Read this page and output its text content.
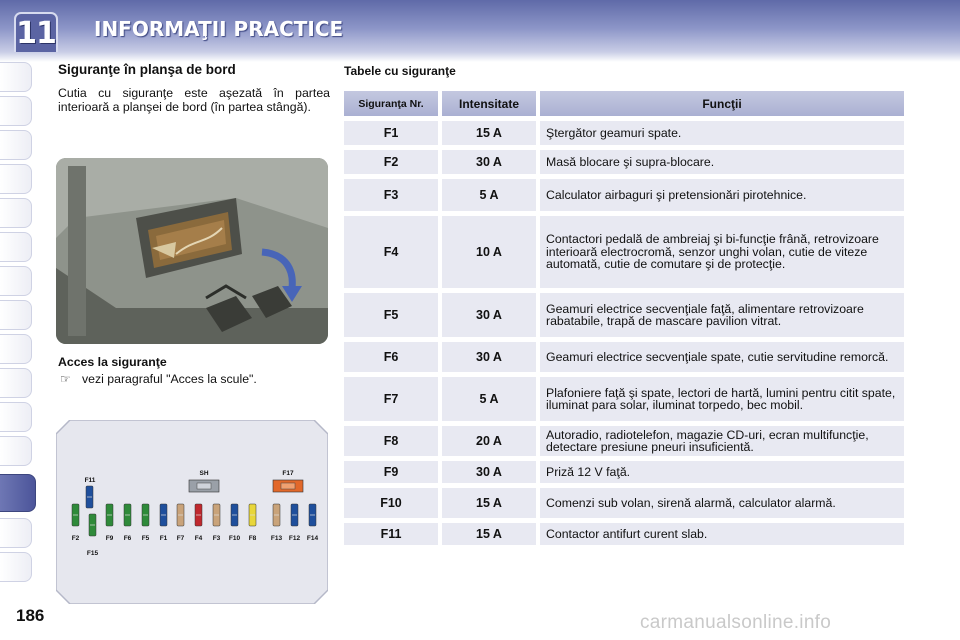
11 INFORMAŢII PRACTICE
Siguranţe în planşa de bord
Cutia cu siguranţe este aşezată în partea interioară a planşei de bord (în partea stângă).
Acces la siguranţe
☞ vezi paragraful "Acces la scule".
F11
SH	F17
F2
F15
F9 F6 F5 F1 F7 F4 F3 F10 F8 F13 F12 F14
186	carmanualsonline.info
Tabele cu siguranţe
Siguranţa Nr.	Intensitate	Funcţii
F1	15 A	Ştergător geamuri spate.
F2	30 A	Masă blocare şi supra-blocare.
F3	5 A	Calculator airbaguri şi pretensionări pirotehnice.
F4	10 A	Contactori pedală de ambreiaj şi bi-funcţie frână, retrovizoare interioară electrocromă, senzor unghi volan, cutie de viteze automată, cutie de comutare şi de protecţie.
F5	30 A	Geamuri electrice secvenţiale faţă, alimentare retrovizoare rabatabile, trapă de mascare pavilion vitrat.
F6	30 A	Geamuri electrice secvenţiale spate, cutie servitudine remorcă.
F7	5 A	Plafoniere faţă şi spate, lectori de hartă, lumini pentru citit spate, iluminat para solar, iluminat torpedo, bec mobil.
F8	20 A	Autoradio, radiotelefon, magazie CD-uri, ecran multifuncţie, detectare presiune pneuri insuficientă.
F9	30 A	Priză 12 V faţă.
F10	15 A	Comenzi sub volan, sirenă alarmă, calculator alarmă.
F11	15 A	Contactor antifurt curent slab.
